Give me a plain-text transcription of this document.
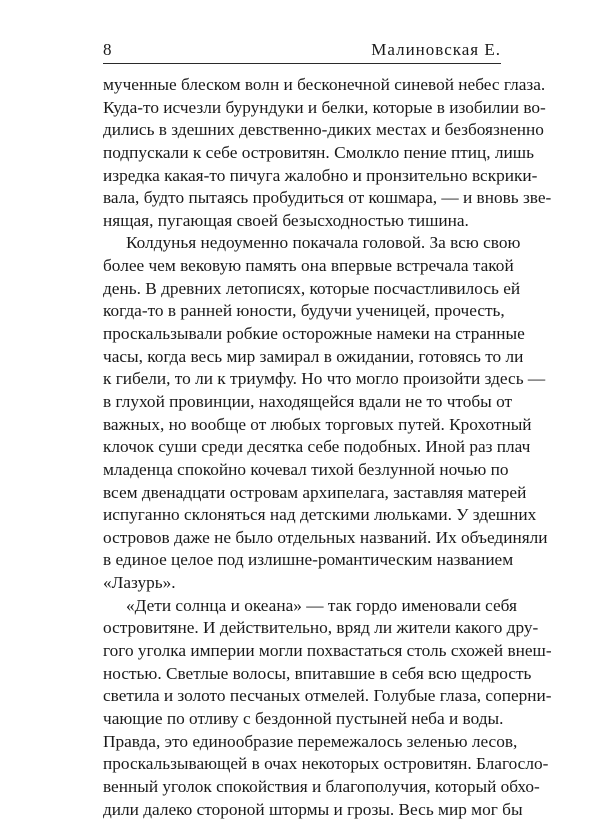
8	Малиновская Е.
мученные блеском волн и бесконечной синевой небес глаза.
Куда-то исчезли бурундуки и белки, которые в изобилии во-
дились в здешних девственно-диких местах и безбоязненно
подпускали к себе островитян. Смолкло пение птиц, лишь
изредка какая-то пичуга жалобно и пронзительно вскрики-
вала, будто пытаясь пробудиться от кошмара, — и вновь зве-
нящая, пугающая своей безысходностью тишина.
Колдунья недоуменно покачала головой. За всю свою
более чем вековую память она впервые встречала такой
день. В древних летописях, которые посчастливилось ей
когда-то в ранней юности, будучи ученицей, прочесть,
проскальзывали робкие осторожные намеки на странные
часы, когда весь мир замирал в ожидании, готовясь то ли
к гибели, то ли к триумфу. Но что могло произойти здесь —
в глухой провинции, находящейся вдали не то чтобы от
важных, но вообще от любых торговых путей. Крохотный
клочок суши среди десятка себе подобных. Иной раз плач
младенца спокойно кочевал тихой безлунной ночью по
всем двенадцати островам архипелага, заставляя матерей
испуганно склоняться над детскими люльками. У здешних
островов даже не было отдельных названий. Их объединяли
в единое целое под излишне-романтическим названием
«Лазурь».
«Дети солнца и океана» — так гордо именовали себя
островитяне. И действительно, вряд ли жители какого дру-
гого уголка империи могли похвастаться столь схожей внеш-
ностью. Светлые волосы, впитавшие в себя всю щедрость
светила и золото песчаных отмелей. Голубые глаза, соперни-
чающие по отливу с бездонной пустыней неба и воды.
Правда, это единообразие перемежалось зеленью лесов,
проскальзывающей в очах некоторых островитян. Благосло-
венный уголок спокойствия и благополучия, который обхо-
дили далеко стороной штормы и грозы. Весь мир мог бы
